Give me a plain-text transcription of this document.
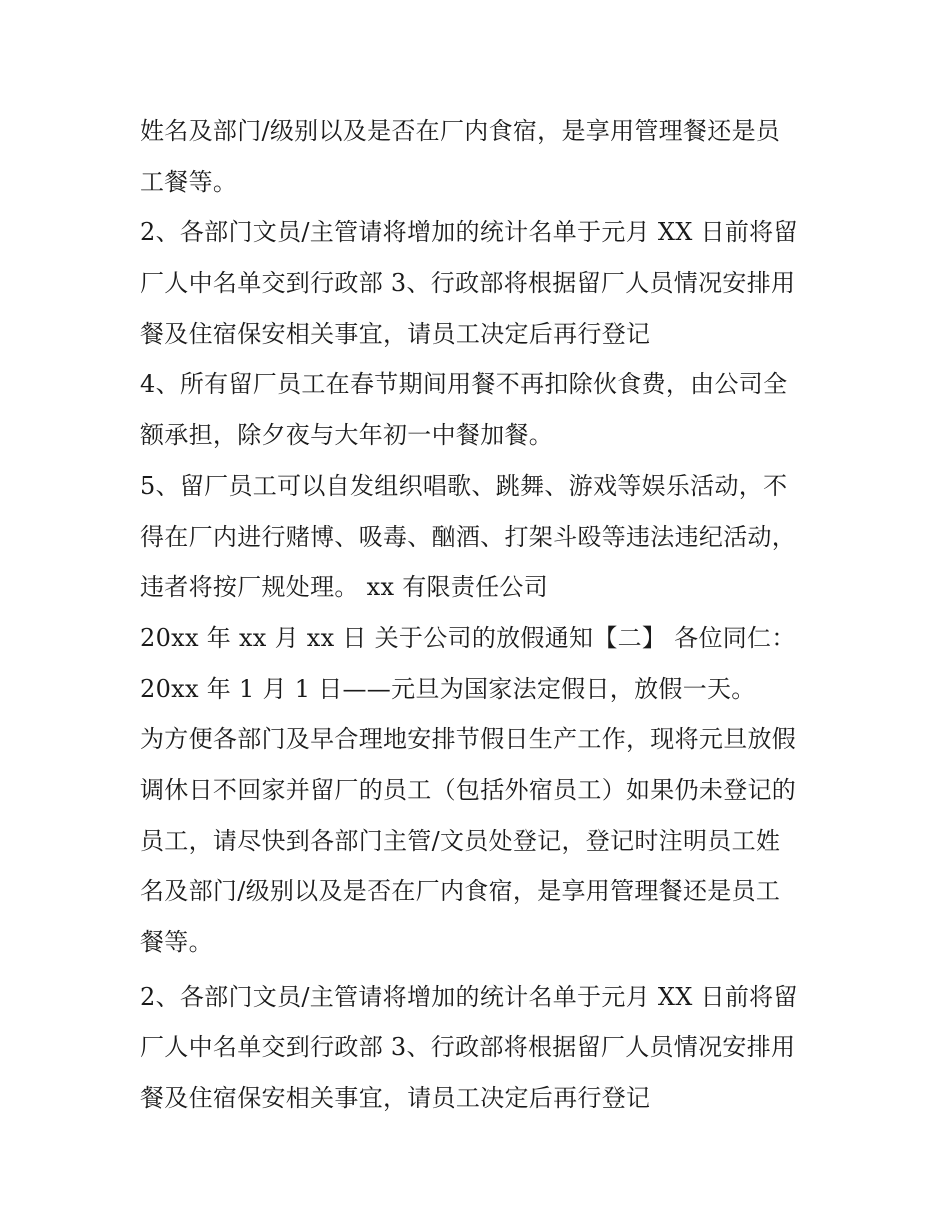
姓名及部门/级别以及是否在厂内食宿，是享用管理餐还是员
工餐等。
2、各部门文员/主管请将增加的统计名单于元月 XX 日前将留
厂人中名单交到行政部 3、行政部将根据留厂人员情况安排用
餐及住宿保安相关事宜，请员工决定后再行登记
4、所有留厂员工在春节期间用餐不再扣除伙食费，由公司全
额承担，除夕夜与大年初一中餐加餐。
5、留厂员工可以自发组织唱歌、跳舞、游戏等娱乐活动，不
得在厂内进行赌博、吸毒、酗酒、打架斗殴等违法违纪活动，
违者将按厂规处理。 xx 有限责任公司
20xx 年 xx 月 xx 日 关于公司的放假通知【二】 各位同仁：
20xx 年 1 月 1 日——元旦为国家法定假日，放假一天。
为方便各部门及早合理地安排节假日生产工作，现将元旦放假
调休日不回家并留厂的员工（包括外宿员工）如果仍未登记的
员工，请尽快到各部门主管/文员处登记，登记时注明员工姓
名及部门/级别以及是否在厂内食宿，是享用管理餐还是员工
餐等。
2、各部门文员/主管请将增加的统计名单于元月 XX 日前将留
厂人中名单交到行政部 3、行政部将根据留厂人员情况安排用
餐及住宿保安相关事宜，请员工决定后再行登记
